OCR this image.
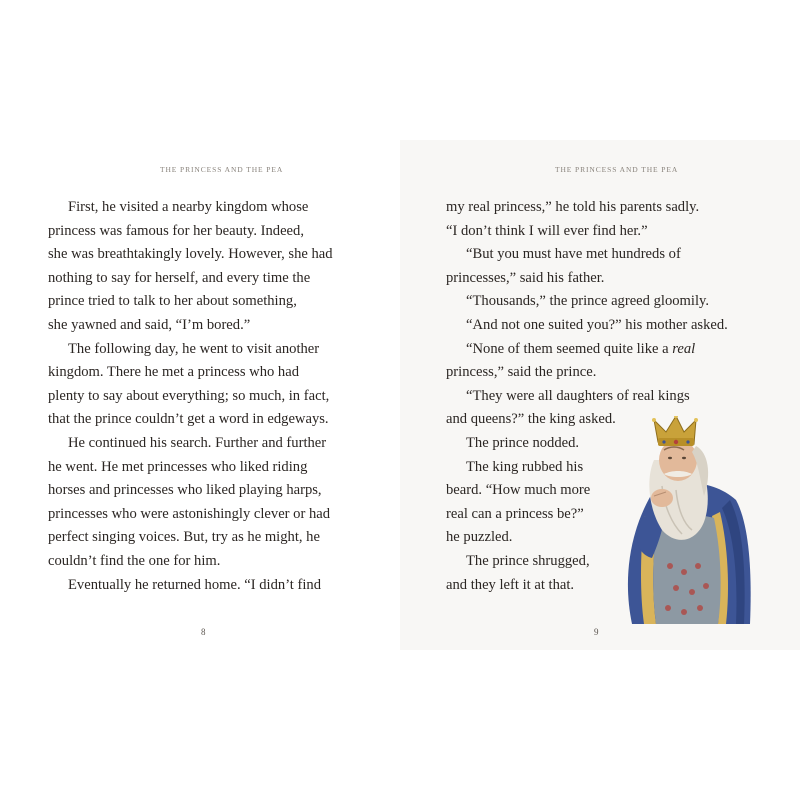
THE PRINCESS AND THE PEA
First, he visited a nearby kingdom whose
princess was famous for her beauty. Indeed,
she was breathtakingly lovely. However, she had
nothing to say for herself, and every time the
prince tried to talk to her about something,
she yawned and said, “I’m bored.”
The following day, he went to visit another
kingdom. There he met a princess who had
plenty to say about everything; so much, in fact,
that the prince couldn’t get a word in edgeways.
He continued his search. Further and further
he went. He met princesses who liked riding
horses and princesses who liked playing harps,
princesses who were astonishingly clever or had
perfect singing voices. But, try as he might, he
couldn’t find the one for him.
Eventually he returned home. “I didn’t find
8
THE PRINCESS AND THE PEA
my real princess,” he told his parents sadly.
“I don’t think I will ever find her.”
“But you must have met hundreds of
princesses,” said his father.
“Thousands,” the prince agreed gloomily.
“And not one suited you?” his mother asked.
“None of them seemed quite like a real
princess,” said the prince.
“They were all daughters of real kings
and queens?” the king asked.
The prince nodded.
The king rubbed his
beard. “How much more
real can a princess be?”
he puzzled.
The prince shrugged,
and they left it at that.
9
